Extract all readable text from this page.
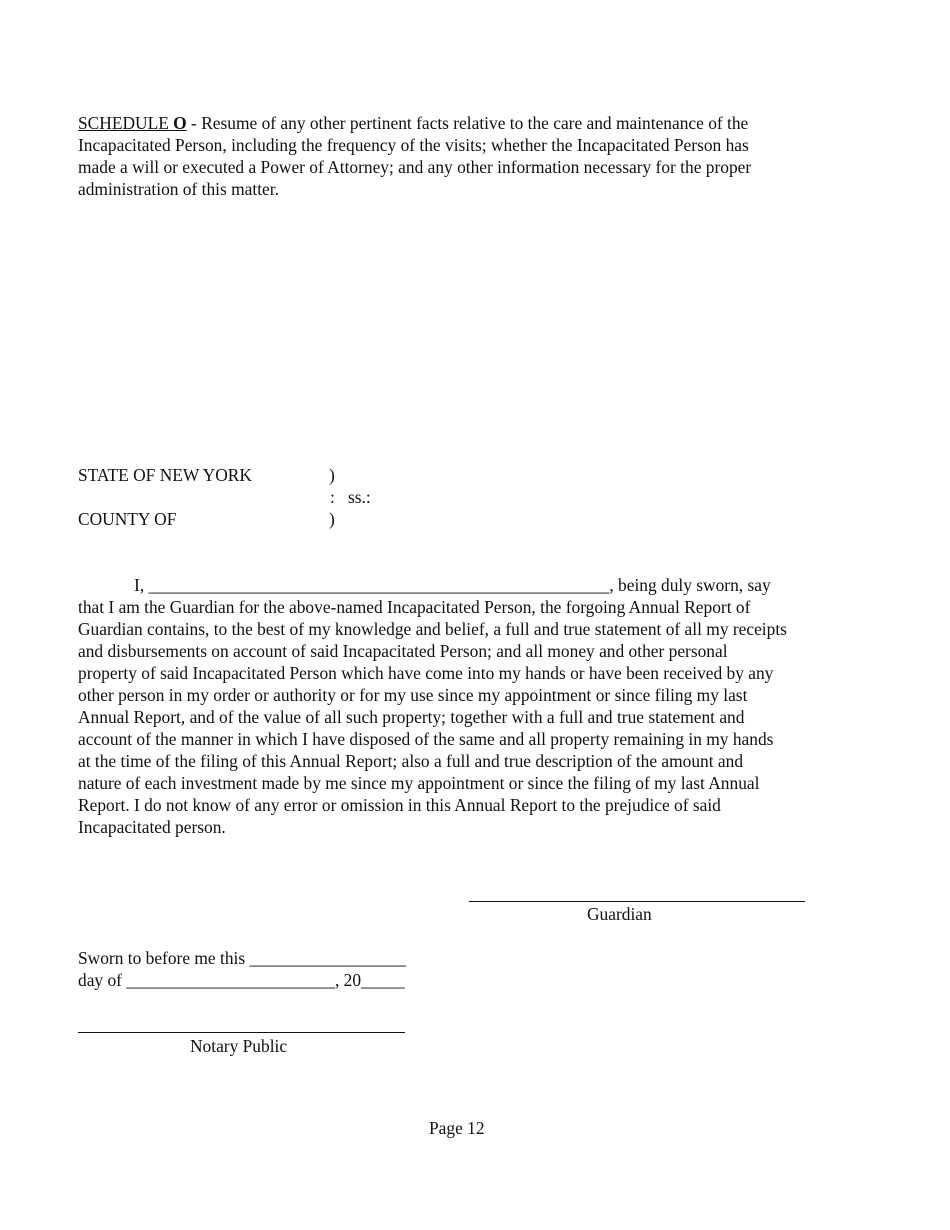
SCHEDULE O - Resume of any other pertinent facts relative to the care and maintenance of the
Incapacitated Person, including the frequency of the visits; whether the Incapacitated Person has
made a will or executed a Power of Attorney; and any other information necessary for the proper
administration of this matter.
STATE OF NEW YORK	)
: ss.:
COUNTY OF	)
I, _____________________________________________________, being duly sworn, say
that I am the Guardian for the above-named Incapacitated Person, the forgoing Annual Report of
Guardian contains, to the best of my knowledge and belief, a full and true statement of all my receipts
and disbursements on account of said Incapacitated Person; and all money and other personal
property of said Incapacitated Person which have come into my hands or have been received by any
other person in my order or authority or for my use since my appointment or since filing my last
Annual Report, and of the value of all such property; together with a full and true statement and
account of the manner in which I have disposed of the same and all property remaining in my hands
at the time of the filing of this Annual Report; also a full and true description of the amount and
nature of each investment made by me since my appointment or since the filing of my last Annual
Report. I do not know of any error or omission in this Annual Report to the prejudice of said
Incapacitated person.
Guardian
Sworn to before me this __________________
day of ________________________, 20_____
Notary Public
Page 12
